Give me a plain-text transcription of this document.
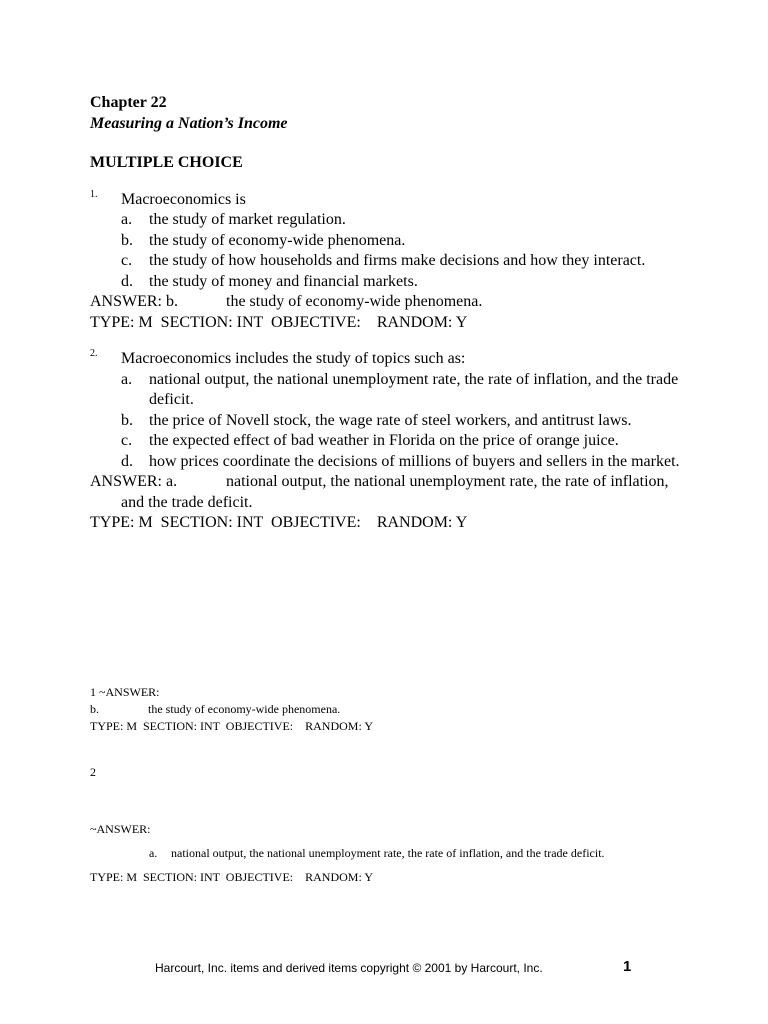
Chapter 22
Measuring a Nation’s Income
MULTIPLE CHOICE
1. Macroeconomics is
a. the study of market regulation.
b. the study of economy-wide phenomena.
c. the study of how households and firms make decisions and how they interact.
d. the study of money and financial markets.
ANSWER: b.	the study of economy-wide phenomena.
TYPE: M  SECTION: INT  OBJECTIVE:    RANDOM: Y
2. Macroeconomics includes the study of topics such as:
a. national output, the national unemployment rate, the rate of inflation, and the trade deficit.
b. the price of Novell stock, the wage rate of steel workers, and antitrust laws.
c. the expected effect of bad weather in Florida on the price of orange juice.
d. how prices coordinate the decisions of millions of buyers and sellers in the market.
ANSWER: a.	national output, the national unemployment rate, the rate of inflation, and the trade deficit.
TYPE: M  SECTION: INT  OBJECTIVE:    RANDOM: Y
1 ~ANSWER:
b.	the study of economy-wide phenomena.
TYPE: M  SECTION: INT  OBJECTIVE:    RANDOM: Y
2
~ANSWER:
a. national output, the national unemployment rate, the rate of inflation, and the trade deficit.
TYPE: M  SECTION: INT  OBJECTIVE:    RANDOM: Y
Harcourt, Inc. items and derived items copyright © 2001 by Harcourt, Inc.	1
